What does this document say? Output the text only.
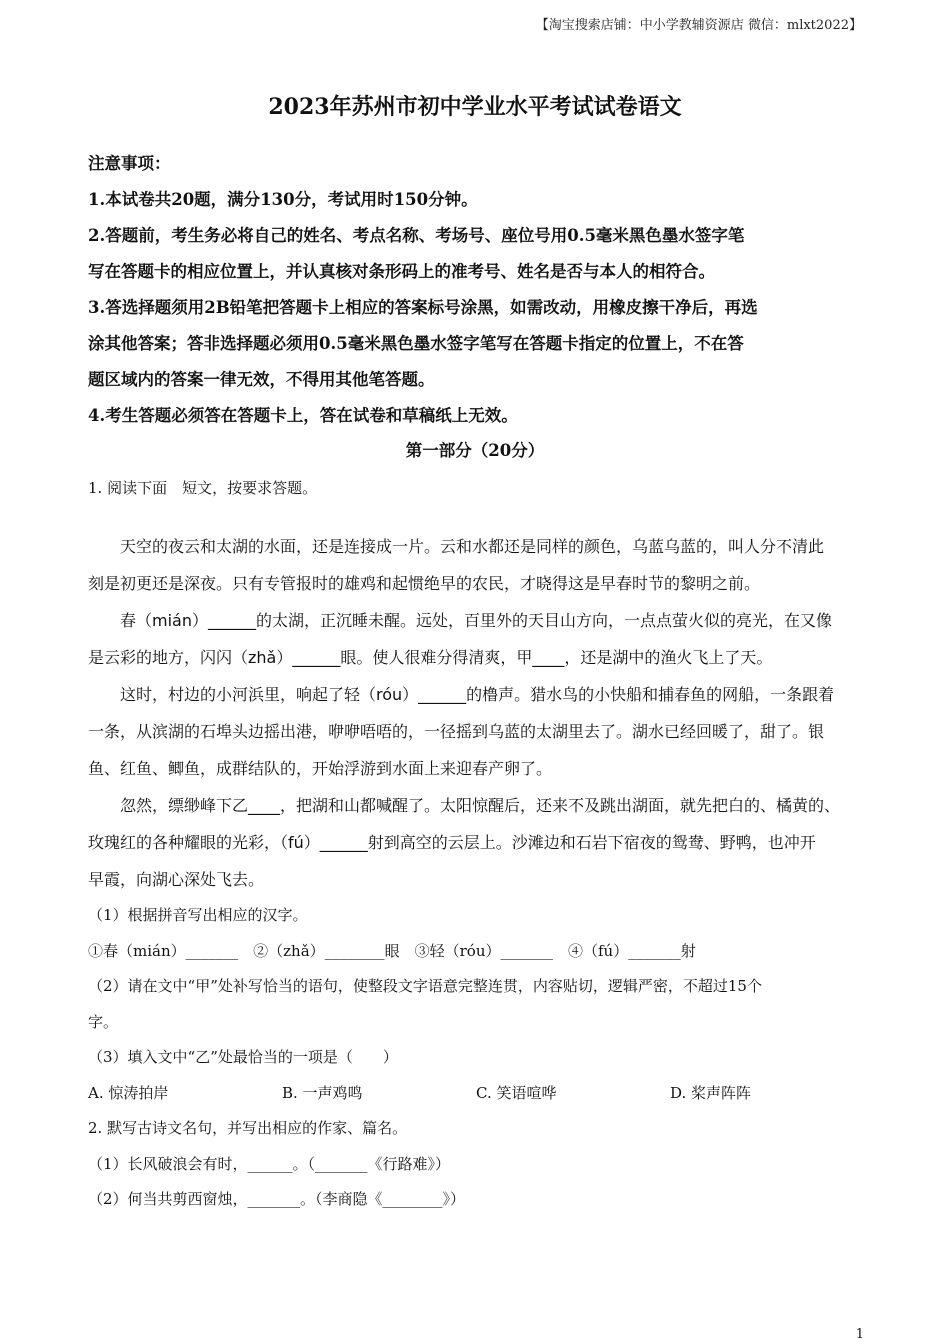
【淘宝搜索店铺：中小学教辅资源店 微信：mlxt2022】
2023年苏州市初中学业水平考试试卷语文
注意事项：
1.本试卷共20题，满分130分，考试用时150分钟。
2.答题前，考生务必将自己的姓名、考点名称、考场号、座位号用0.5毫米黑色墨水签字笔
写在答题卡的相应位置上，并认真核对条形码上的准考号、姓名是否与本人的相符合。
3.答选择题须用2B铅笔把答题卡上相应的答案标号涂黑，如需改动，用橡皮擦干净后，再选
涂其他答案；答非选择题必须用0.5毫米黑色墨水签字笔写在答题卡指定的位置上，不在答
题区域内的答案一律无效，不得用其他笔答题。
4.考生答题必须答在答题卡上，答在试卷和草稿纸上无效。
第一部分（20分）
1. 阅读下面　短文，按要求答题。
　　天空的夜云和太湖的水面，还是连接成一片。云和水都还是同样的颜色，乌蓝乌蓝的，叫人分不清此
刻是初更还是深夜。只有专管报时的雄鸡和起惯绝早的农民，才晓得这是早春时节的黎明之前。
　　春（mián）______的太湖，正沉睡未醒。远处，百里外的天目山方向，一点点萤火似的亮光，在又像
是云彩的地方，闪闪（zhǎ）______眼。使人很难分得清爽，甲____，还是湖中的渔火飞上了天。
　　这时，村边的小河浜里，响起了轻（róu）______的橹声。猎水鸟的小快船和捕春鱼的网船，一条跟着
一条，从滨湖的石埠头边摇出港，咿咿唔唔的，一径摇到乌蓝的太湖里去了。湖水已经回暖了，甜了。银
鱼、红鱼、鲫鱼，成群结队的，开始浮游到水面上来迎春产卵了。
　　忽然，缥缈峰下乙____，把湖和山都喊醒了。太阳惊醒后，还来不及跳出湖面，就先把白的、橘黄的、
玫瑰红的各种耀眼的光彩，（fú）______射到高空的云层上。沙滩边和石岩下宿夜的鸳鸯、野鸭，也冲开
早霞，向湖心深处飞去。
（1）根据拼音写出相应的汉字。
①春（mián）_______　②（zhǎ）________眼　③轻（róu）_______　④（fú）_______射
（2）请在文中“甲”处补写恰当的语句，使整段文字语意完整连贯，内容贴切，逻辑严密，不超过15个
字。
（3）填入文中“乙”处最恰当的一项是（　　）
A. 惊涛拍岸	B. 一声鸡鸣	C. 笑语喧哗	D. 桨声阵阵
2. 默写古诗文名句，并写出相应的作家、篇名。
（1）长风破浪会有时，______。（_______《行路难》）
（2）何当共剪西窗烛，_______。（李商隐《________》）
1
